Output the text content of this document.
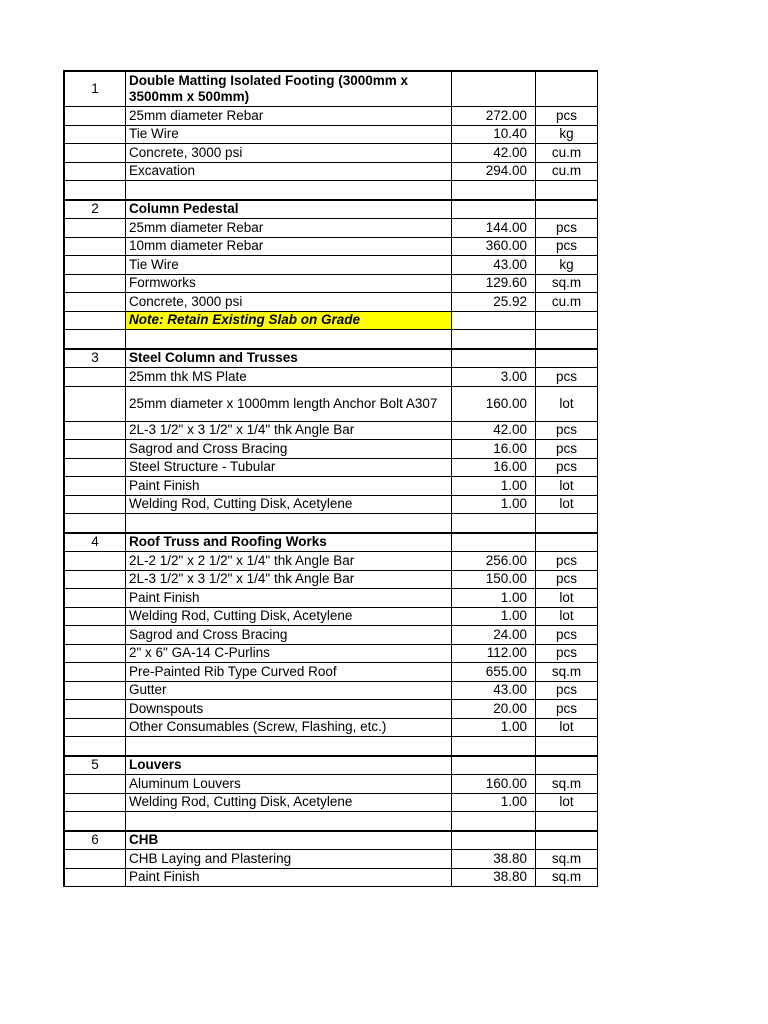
1	Double Matting Isolated Footing (3000mm x 3500mm x 500mm)		
	25mm diameter Rebar	272.00	pcs
	Tie Wire	10.40	kg
	Concrete, 3000 psi	42.00	cu.m
	Excavation	294.00	cu.m

2	Column Pedestal		
	25mm diameter Rebar	144.00	pcs
	10mm diameter Rebar	360.00	pcs
	Tie Wire	43.00	kg
	Formworks	129.60	sq.m
	Concrete, 3000 psi	25.92	cu.m
	Note: Retain Existing Slab on Grade		

3	Steel Column and Trusses		
	25mm thk MS Plate	3.00	pcs
	25mm diameter x 1000mm length Anchor Bolt A307	160.00	lot
	2L-3 1/2" x 3 1/2" x 1/4" thk Angle Bar	42.00	pcs
	Sagrod and Cross Bracing	16.00	pcs
	Steel Structure - Tubular	16.00	pcs
	Paint Finish	1.00	lot
	Welding Rod, Cutting Disk, Acetylene	1.00	lot

4	Roof Truss and Roofing Works		
	2L-2 1/2" x 2 1/2" x 1/4" thk Angle Bar	256.00	pcs
	2L-3 1/2" x 3 1/2" x 1/4" thk Angle Bar	150.00	pcs
	Paint Finish	1.00	lot
	Welding Rod, Cutting Disk, Acetylene	1.00	lot
	Sagrod and Cross Bracing	24.00	pcs
	2" x 6" GA-14 C-Purlins	112.00	pcs
	Pre-Painted Rib Type Curved Roof	655.00	sq.m
	Gutter	43.00	pcs
	Downspouts	20.00	pcs
	Other Consumables (Screw, Flashing, etc.)	1.00	lot

5	Louvers		
	Aluminum Louvers	160.00	sq.m
	Welding Rod, Cutting Disk, Acetylene	1.00	lot

6	CHB		
	CHB Laying and Plastering	38.80	sq.m
	Paint Finish	38.80	sq.m
